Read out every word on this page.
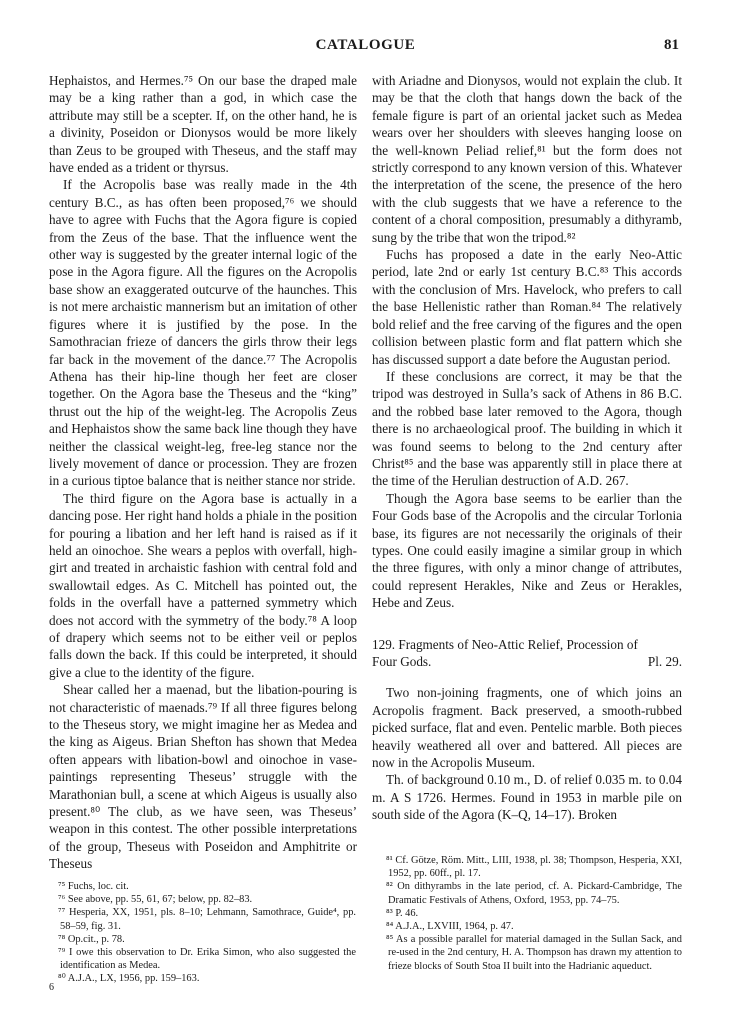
CATALOGUE	81

Hephaistos, and Hermes.⁷⁵ On our base the draped male may be a king rather than a god, in which case the attribute may still be a scepter. If, on the other hand, he is a divinity, Poseidon or Dionysos would be more likely than Zeus to be grouped with Theseus, and the staff may have ended as a trident or thyrsus.

If the Acropolis base was really made in the 4th century B.C., as has often been proposed,⁷⁶ we should have to agree with Fuchs that the Agora figure is copied from the Zeus of the base. That the influence went the other way is suggested by the greater internal logic of the pose in the Agora figure. All the figures on the Acropolis base show an exaggerated outcurve of the haunches. This is not mere archaistic mannerism but an imitation of other figures where it is justified by the pose. In the Samothracian frieze of dancers the girls throw their legs far back in the movement of the dance.⁷⁷ The Acropolis Athena has their hip-line though her feet are closer together. On the Agora base the Theseus and the “king” thrust out the hip of the weight-leg. The Acropolis Zeus and Hephaistos show the same back line though they have neither the classical weight-leg, free-leg stance nor the lively movement of dance or procession. They are frozen in a curious tiptoe balance that is neither stance nor stride.

The third figure on the Agora base is actually in a dancing pose. Her right hand holds a phiale in the position for pouring a libation and her left hand is raised as if it held an oinochoe. She wears a peplos with overfall, high-girt and treated in archaistic fashion with central fold and swallowtail edges. As C. Mitchell has pointed out, the folds in the overfall have a patterned symmetry which does not accord with the symmetry of the body.⁷⁸ A loop of drapery which seems not to be either veil or peplos falls down the back. If this could be interpreted, it should give a clue to the identity of the figure.

Shear called her a maenad, but the libation-pouring is not characteristic of maenads.⁷⁹ If all three figures belong to the Theseus story, we might imagine her as Medea and the king as Aigeus. Brian Shefton has shown that Medea often appears with libation-bowl and oinochoe in vase-paintings representing Theseus’ struggle with the Marathonian bull, a scene at which Aigeus is usually also present.⁸⁰ The club, as we have seen, was Theseus’ weapon in this contest. The other possible interpretations of the group, Theseus with Poseidon and Amphitrite or Theseus

with Ariadne and Dionysos, would not explain the club. It may be that the cloth that hangs down the back of the female figure is part of an oriental jacket such as Medea wears over her shoulders with sleeves hanging loose on the well-known Peliad relief,⁸¹ but the form does not strictly correspond to any known version of this. Whatever the interpretation of the scene, the presence of the hero with the club suggests that we have a reference to the content of a choral composition, presumably a dithyramb, sung by the tribe that won the tripod.⁸²

Fuchs has proposed a date in the early Neo-Attic period, late 2nd or early 1st century B.C.⁸³ This accords with the conclusion of Mrs. Havelock, who prefers to call the base Hellenistic rather than Roman.⁸⁴ The relatively bold relief and the free carving of the figures and the open collision between plastic form and flat pattern which she has discussed support a date before the Augustan period.

If these conclusions are correct, it may be that the tripod was destroyed in Sulla’s sack of Athens in 86 B.C. and the robbed base later removed to the Agora, though there is no archaeological proof. The building in which it was found seems to belong to the 2nd century after Christ⁸⁵ and the base was apparently still in place there at the time of the Herulian destruction of A.D. 267.

Though the Agora base seems to be earlier than the Four Gods base of the Acropolis and the circular Torlonia base, its figures are not necessarily the originals of their types. One could easily imagine a similar group in which the three figures, with only a minor change of attributes, could represent Herakles, Nike and Zeus or Herakles, Hebe and Zeus.

129. Fragments of Neo-Attic Relief, Procession of
Four Gods.	Pl. 29.

Two non-joining fragments, one of which joins an Acropolis fragment. Back preserved, a smooth-rubbed picked surface, flat and even. Pentelic marble. Both pieces heavily weathered all over and battered. All pieces are now in the Acropolis Museum.

Th. of background 0.10 m., D. of relief 0.035 m. to 0.04 m. A S 1726. Hermes. Found in 1953 in marble pile on south side of the Agora (K–Q, 14–17). Broken

⁷⁵ Fuchs, loc. cit.

⁷⁶ See above, pp. 55, 61, 67; below, pp. 82–83.

⁷⁷ Hesperia, XX, 1951, pls. 8–10; Lehmann, Samothrace, Guide⁴, pp. 58–59, fig. 31.

⁷⁸ Op.cit., p. 78.

⁷⁹ I owe this observation to Dr. Erika Simon, who also suggested the identification as Medea.

⁸⁰ A.J.A., LX, 1956, pp. 159–163.

⁸¹ Cf. Götze, Röm. Mitt., LIII, 1938, pl. 38; Thompson, Hesperia, XXI, 1952, pp. 60ff., pl. 17.

⁸² On dithyrambs in the late period, cf. A. Pickard-Cambridge, The Dramatic Festivals of Athens, Oxford, 1953, pp. 74–75.

⁸³ P. 46.

⁸⁴ A.J.A., LXVIII, 1964, p. 47.

⁸⁵ As a possible parallel for material damaged in the Sullan Sack, and re-used in the 2nd century, H. A. Thompson has drawn my attention to frieze blocks of South Stoa II built into the Hadrianic aqueduct.

6
